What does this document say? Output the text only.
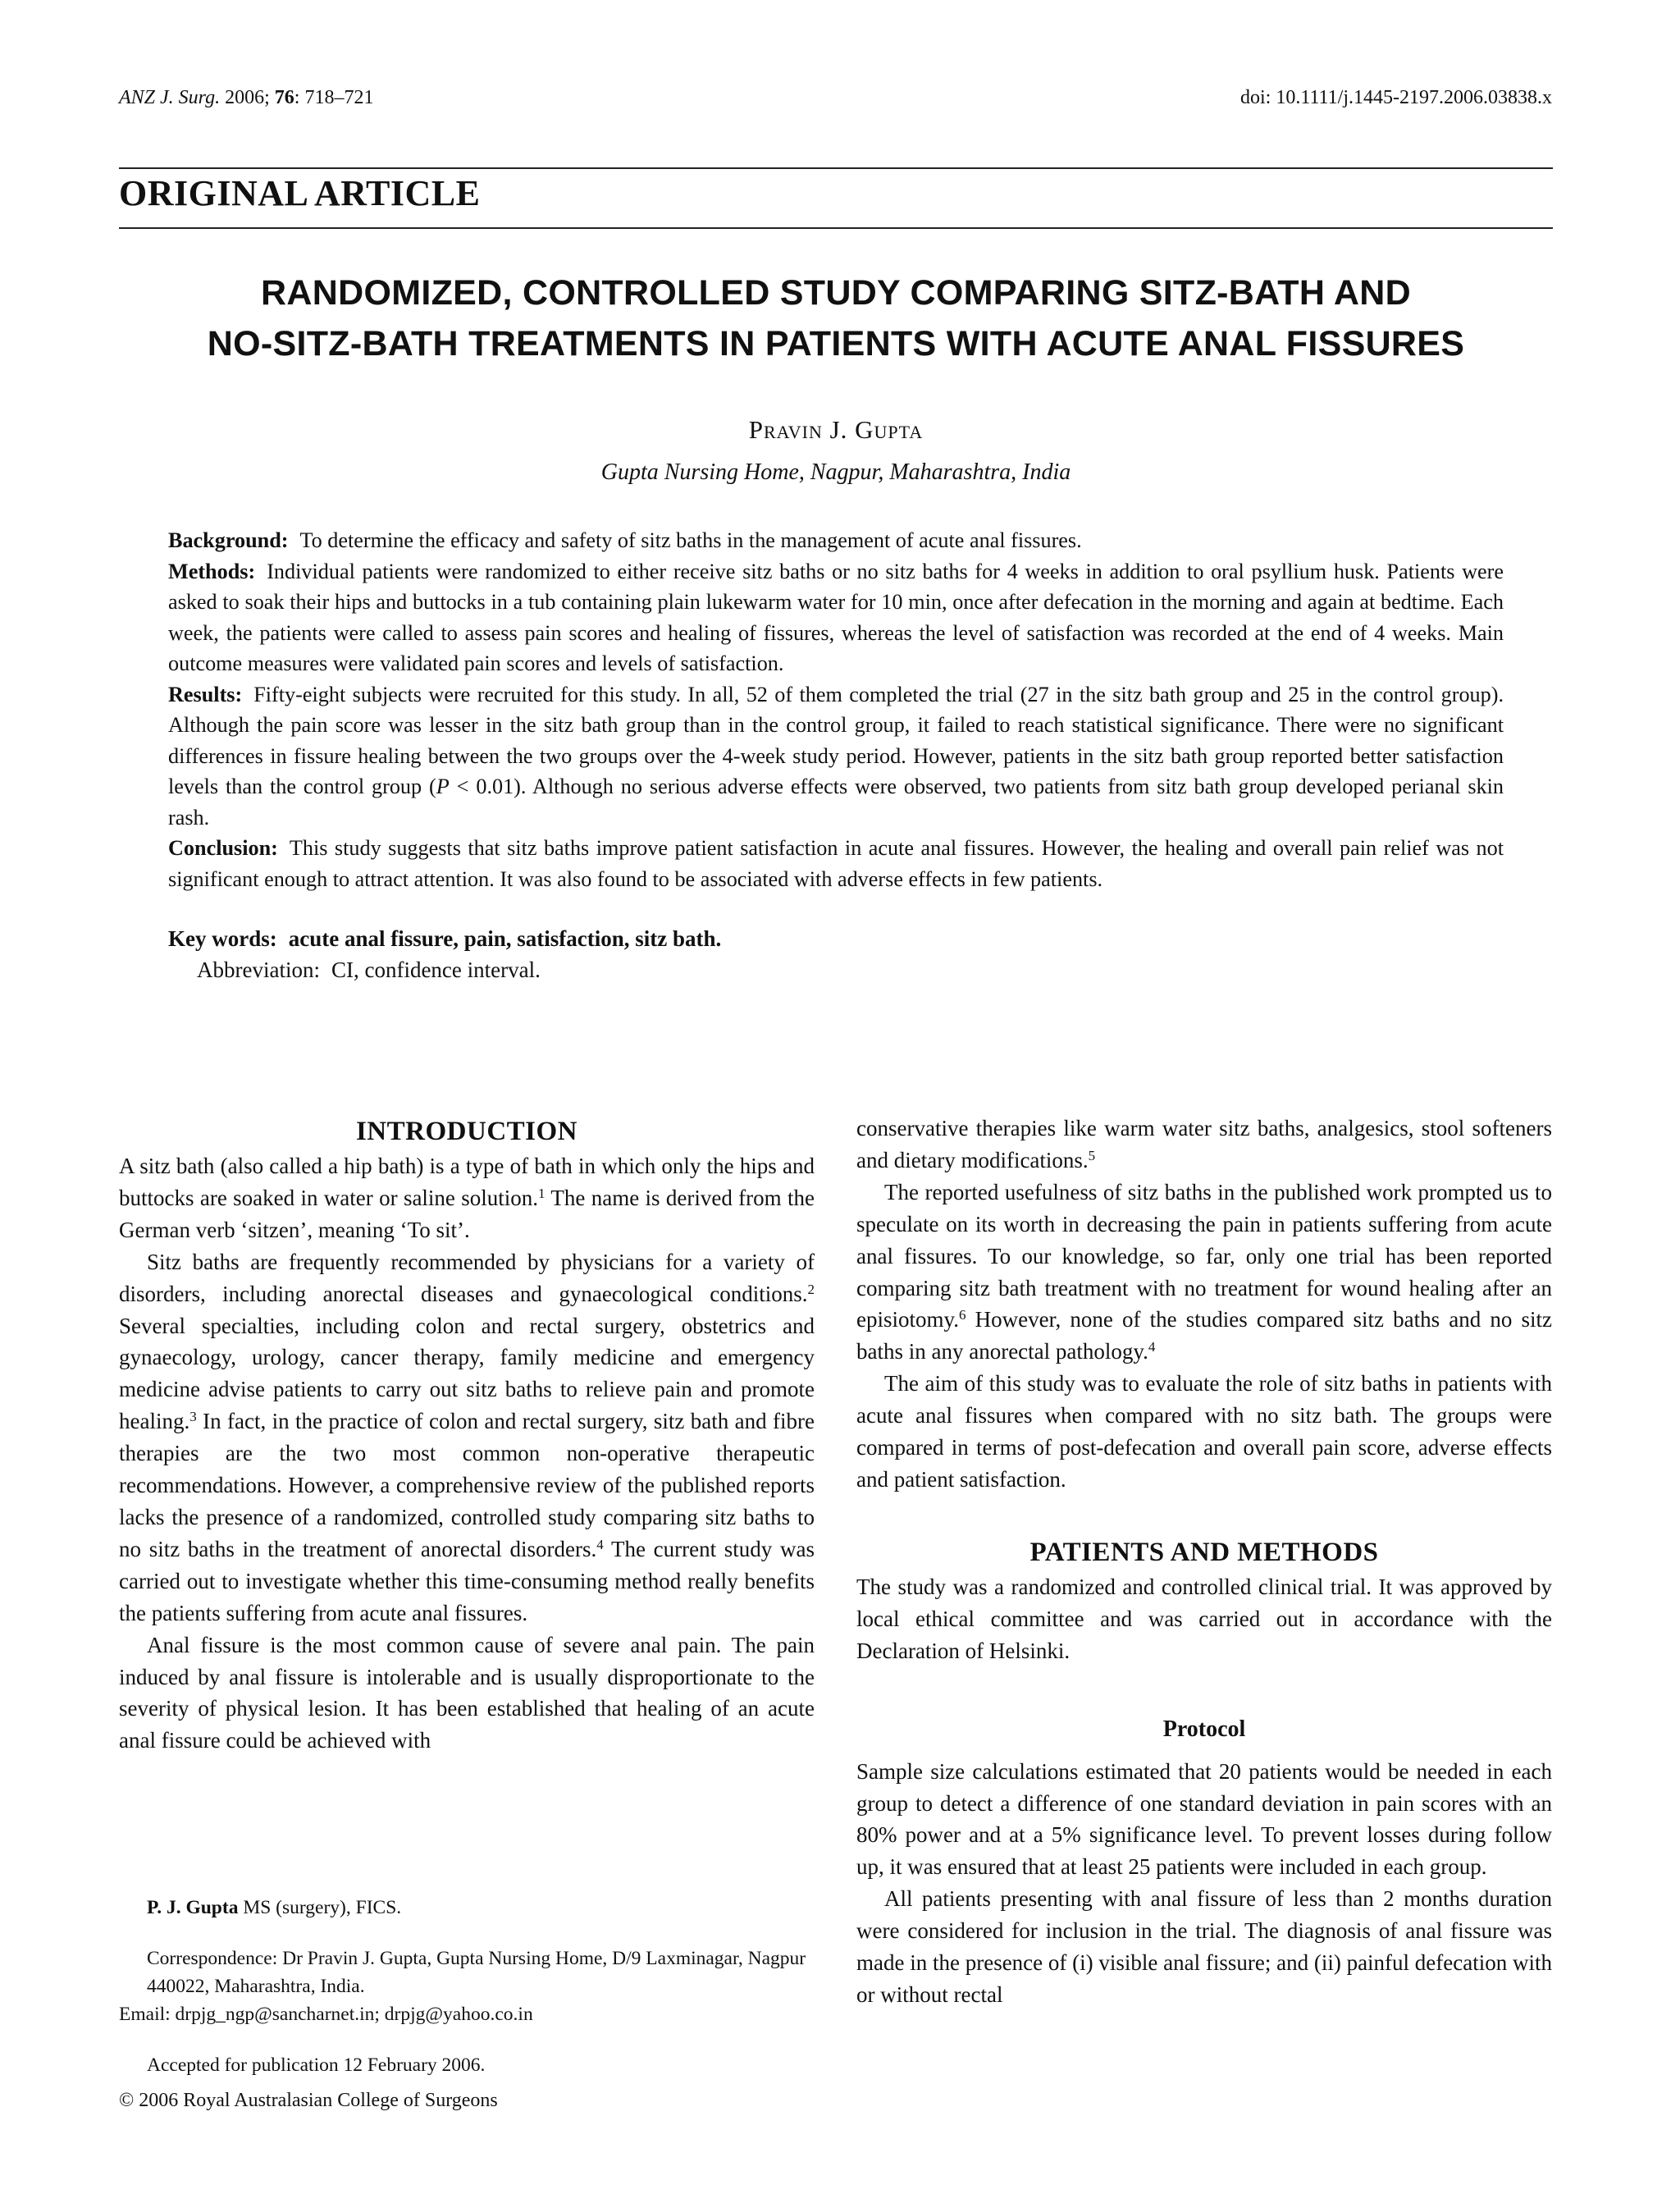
ANZ J. Surg. 2006; 76: 718–721	doi: 10.1111/j.1445-2197.2006.03838.x
ORIGINAL ARTICLE
RANDOMIZED, CONTROLLED STUDY COMPARING SITZ-BATH AND
NO-SITZ-BATH TREATMENTS IN PATIENTS WITH ACUTE ANAL FISSURES
Pravin J. Gupta
Gupta Nursing Home, Nagpur, Maharashtra, India

Background: To determine the efficacy and safety of sitz baths in the management of acute anal fissures.

Methods: Individual patients were randomized to either receive sitz baths or no sitz baths for 4 weeks in addition to oral psyllium husk. Patients were asked to soak their hips and buttocks in a tub containing plain lukewarm water for 10 min, once after defecation in the morning and again at bedtime. Each week, the patients were called to assess pain scores and healing of fissures, whereas the level of satisfaction was recorded at the end of 4 weeks. Main outcome measures were validated pain scores and levels of satisfaction.

Results: Fifty-eight subjects were recruited for this study. In all, 52 of them completed the trial (27 in the sitz bath group and 25 in the control group). Although the pain score was lesser in the sitz bath group than in the control group, it failed to reach statistical significance. There were no significant differences in fissure healing between the two groups over the 4-week study period. However, patients in the sitz bath group reported better satisfaction levels than the control group (P < 0.01). Although no serious adverse effects were observed, two patients from sitz bath group developed perianal skin rash.

Conclusion: This study suggests that sitz baths improve patient satisfaction in acute anal fissures. However, the healing and overall pain relief was not significant enough to attract attention. It was also found to be associated with adverse effects in few patients.

Key words: acute anal fissure, pain, satisfaction, sitz bath.
Abbreviation: CI, confidence interval.
INTRODUCTION

A sitz bath (also called a hip bath) is a type of bath in which only the hips and buttocks are soaked in water or saline solution.$^1$ The name is derived from the German verb ‘sitzen’, meaning ‘To sit’.

Sitz baths are frequently recommended by physicians for a variety of disorders, including anorectal diseases and gynaecological conditions.$^2$ Several specialties, including colon and rectal surgery, obstetrics and gynaecology, urology, cancer therapy, family medicine and emergency medicine advise patients to carry out sitz baths to relieve pain and promote healing.$^3$ In fact, in the practice of colon and rectal surgery, sitz bath and fibre therapies are the two most common non-operative therapeutic recommendations. However, a comprehensive review of the published reports lacks the presence of a randomized, controlled study comparing sitz baths to no sitz baths in the treatment of anorectal disorders.$^4$ The current study was carried out to investigate whether this time-consuming method really benefits the patients suffering from acute anal fissures.

Anal fissure is the most common cause of severe anal pain. The pain induced by anal fissure is intolerable and is usually disproportionate to the severity of physical lesion. It has been established that healing of an acute anal fissure could be achieved with

conservative therapies like warm water sitz baths, analgesics, stool softeners and dietary modifications.$^5$

The reported usefulness of sitz baths in the published work prompted us to speculate on its worth in decreasing the pain in patients suffering from acute anal fissures. To our knowledge, so far, only one trial has been reported comparing sitz bath treatment with no treatment for wound healing after an episiotomy.$^6$ However, none of the studies compared sitz baths and no sitz baths in any anorectal pathology.$^4$

The aim of this study was to evaluate the role of sitz baths in patients with acute anal fissures when compared with no sitz bath. The groups were compared in terms of post-defecation and overall pain score, adverse effects and patient satisfaction.

PATIENTS AND METHODS

The study was a randomized and controlled clinical trial. It was approved by local ethical committee and was carried out in accordance with the Declaration of Helsinki.

Protocol

Sample size calculations estimated that 20 patients would be needed in each group to detect a difference of one standard deviation in pain scores with an 80% power and at a 5% significance level. To prevent losses during follow up, it was ensured that at least 25 patients were included in each group.

All patients presenting with anal fissure of less than 2 months duration were considered for inclusion in the trial. The diagnosis of anal fissure was made in the presence of (i) visible anal fissure; and (ii) painful defecation with or without rectal

P. J. Gupta MS (surgery), FICS.

Correspondence: Dr Pravin J. Gupta, Gupta Nursing Home, D/9 Laxminagar, Nagpur 440022, Maharashtra, India.

Email: drpjg_ngp@sancharnet.in; drpjg@yahoo.co.in

Accepted for publication 12 February 2006.

© 2006 Royal Australasian College of Surgeons
